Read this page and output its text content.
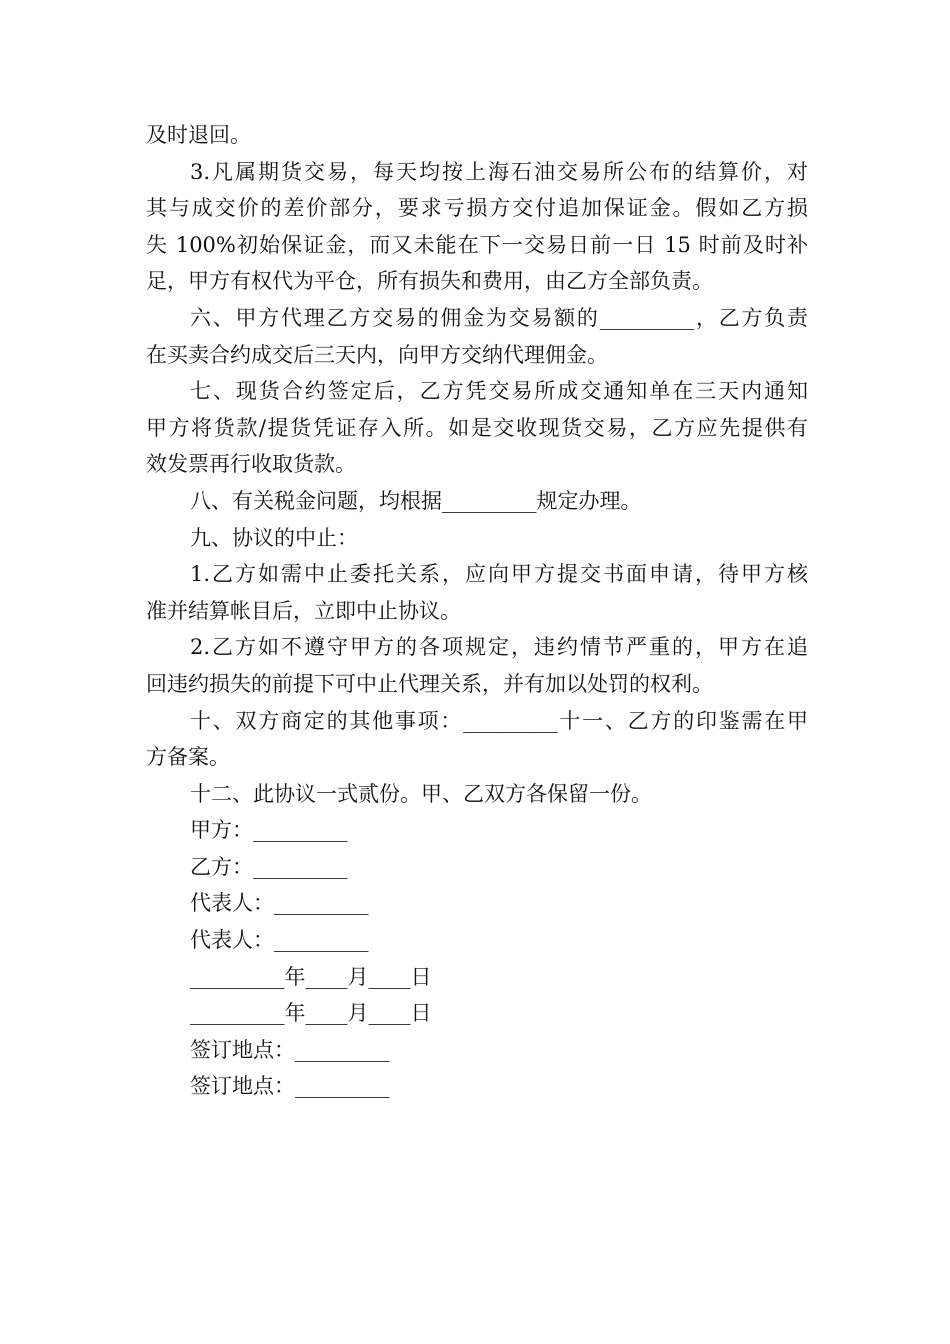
及时退回。
3.凡属期货交易，每天均按上海石油交易所公布的结算价，对
其与成交价的差价部分，要求亏损方交付追加保证金。假如乙方损
失 100%初始保证金，而又未能在下一交易日前一日 15 时前及时补
足，甲方有权代为平仓，所有损失和费用，由乙方全部负责。
六、甲方代理乙方交易的佣金为交易额的_________，乙方负责
在买卖合约成交后三天内，向甲方交纳代理佣金。
七、现货合约签定后，乙方凭交易所成交通知单在三天内通知
甲方将货款/提货凭证存入所。如是交收现货交易，乙方应先提供有
效发票再行收取货款。
八、有关税金问题，均根据_________规定办理。
九、协议的中止：
1.乙方如需中止委托关系，应向甲方提交书面申请，待甲方核
准并结算帐目后，立即中止协议。
2.乙方如不遵守甲方的各项规定，违约情节严重的，甲方在追
回违约损失的前提下可中止代理关系，并有加以处罚的权利。
十、双方商定的其他事项：_________十一、乙方的印鉴需在甲
方备案。
十二、此协议一式贰份。甲、乙双方各保留一份。
甲方：_________
乙方：_________
代表人：_________
代表人：_________
_________年____月____日
_________年____月____日
签订地点：_________
签订地点：_________
